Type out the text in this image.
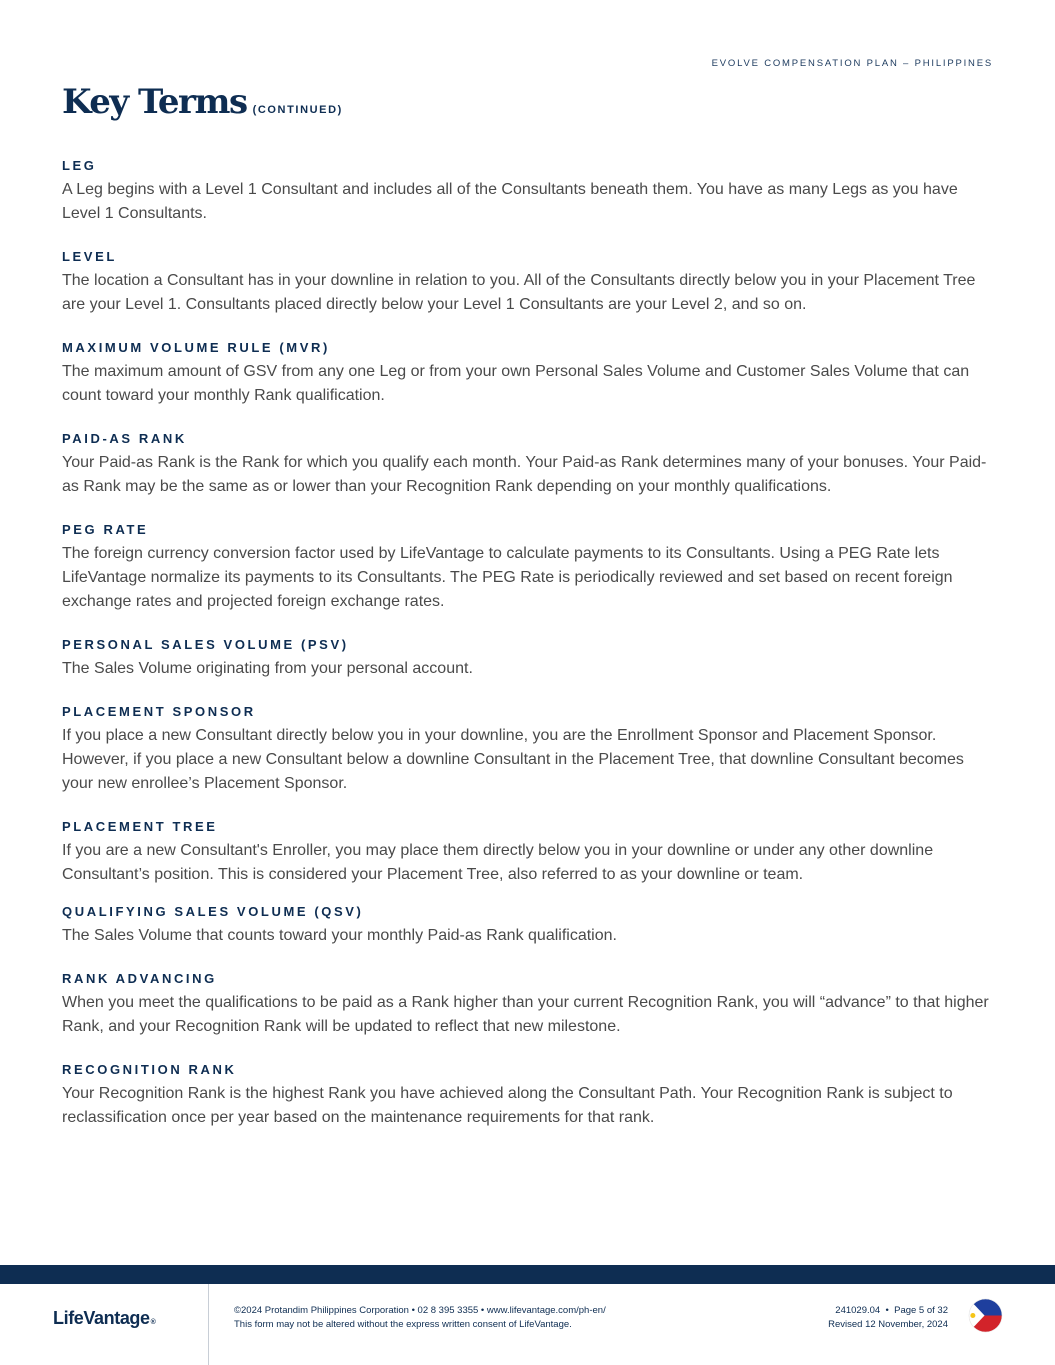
EVOLVE COMPENSATION PLAN – PHILIPPINES
Key Terms (CONTINUED)
LEG
A Leg begins with a Level 1 Consultant and includes all of the Consultants beneath them. You have as many Legs as you have Level 1 Consultants.
LEVEL
The location a Consultant has in your downline in relation to you. All of the Consultants directly below you in your Placement Tree are your Level 1. Consultants placed directly below your Level 1 Consultants are your Level 2, and so on.
MAXIMUM VOLUME RULE (MVR)
The maximum amount of GSV from any one Leg or from your own Personal Sales Volume and Customer Sales Volume that can count toward your monthly Rank qualification.
PAID-AS RANK
Your Paid-as Rank is the Rank for which you qualify each month. Your Paid-as Rank determines many of your bonuses. Your Paid-as Rank may be the same as or lower than your Recognition Rank depending on your monthly qualifications.
PEG RATE
The foreign currency conversion factor used by LifeVantage to calculate payments to its Consultants. Using a PEG Rate lets LifeVantage normalize its payments to its Consultants. The PEG Rate is periodically reviewed and set based on recent foreign exchange rates and projected foreign exchange rates.
PERSONAL SALES VOLUME (PSV)
The Sales Volume originating from your personal account.
PLACEMENT SPONSOR
If you place a new Consultant directly below you in your downline, you are the Enrollment Sponsor and Placement Sponsor. However, if you place a new Consultant below a downline Consultant in the Placement Tree, that downline Consultant becomes your new enrollee’s Placement Sponsor.
PLACEMENT TREE
If you are a new Consultant's Enroller, you may place them directly below you in your downline or under any other downline Consultant’s position. This is considered your Placement Tree, also referred to as your downline or team.
QUALIFYING SALES VOLUME (QSV)
The Sales Volume that counts toward your monthly Paid-as Rank qualification.
RANK ADVANCING
When you meet the qualifications to be paid as a Rank higher than your current Recognition Rank, you will “advance” to that higher Rank, and your Recognition Rank will be updated to reflect that new milestone.
RECOGNITION RANK
Your Recognition Rank is the highest Rank you have achieved along the Consultant Path. Your Recognition Rank is subject to reclassification once per year based on the maintenance requirements for that rank.
LifeVantage®
©2024 Protandim Philippines Corporation • 02 8 395 3355 • www.lifevantage.com/ph-en/
This form may not be altered without the express written consent of LifeVantage.
241029.04 • Page 5 of 32
Revised 12 November, 2024
